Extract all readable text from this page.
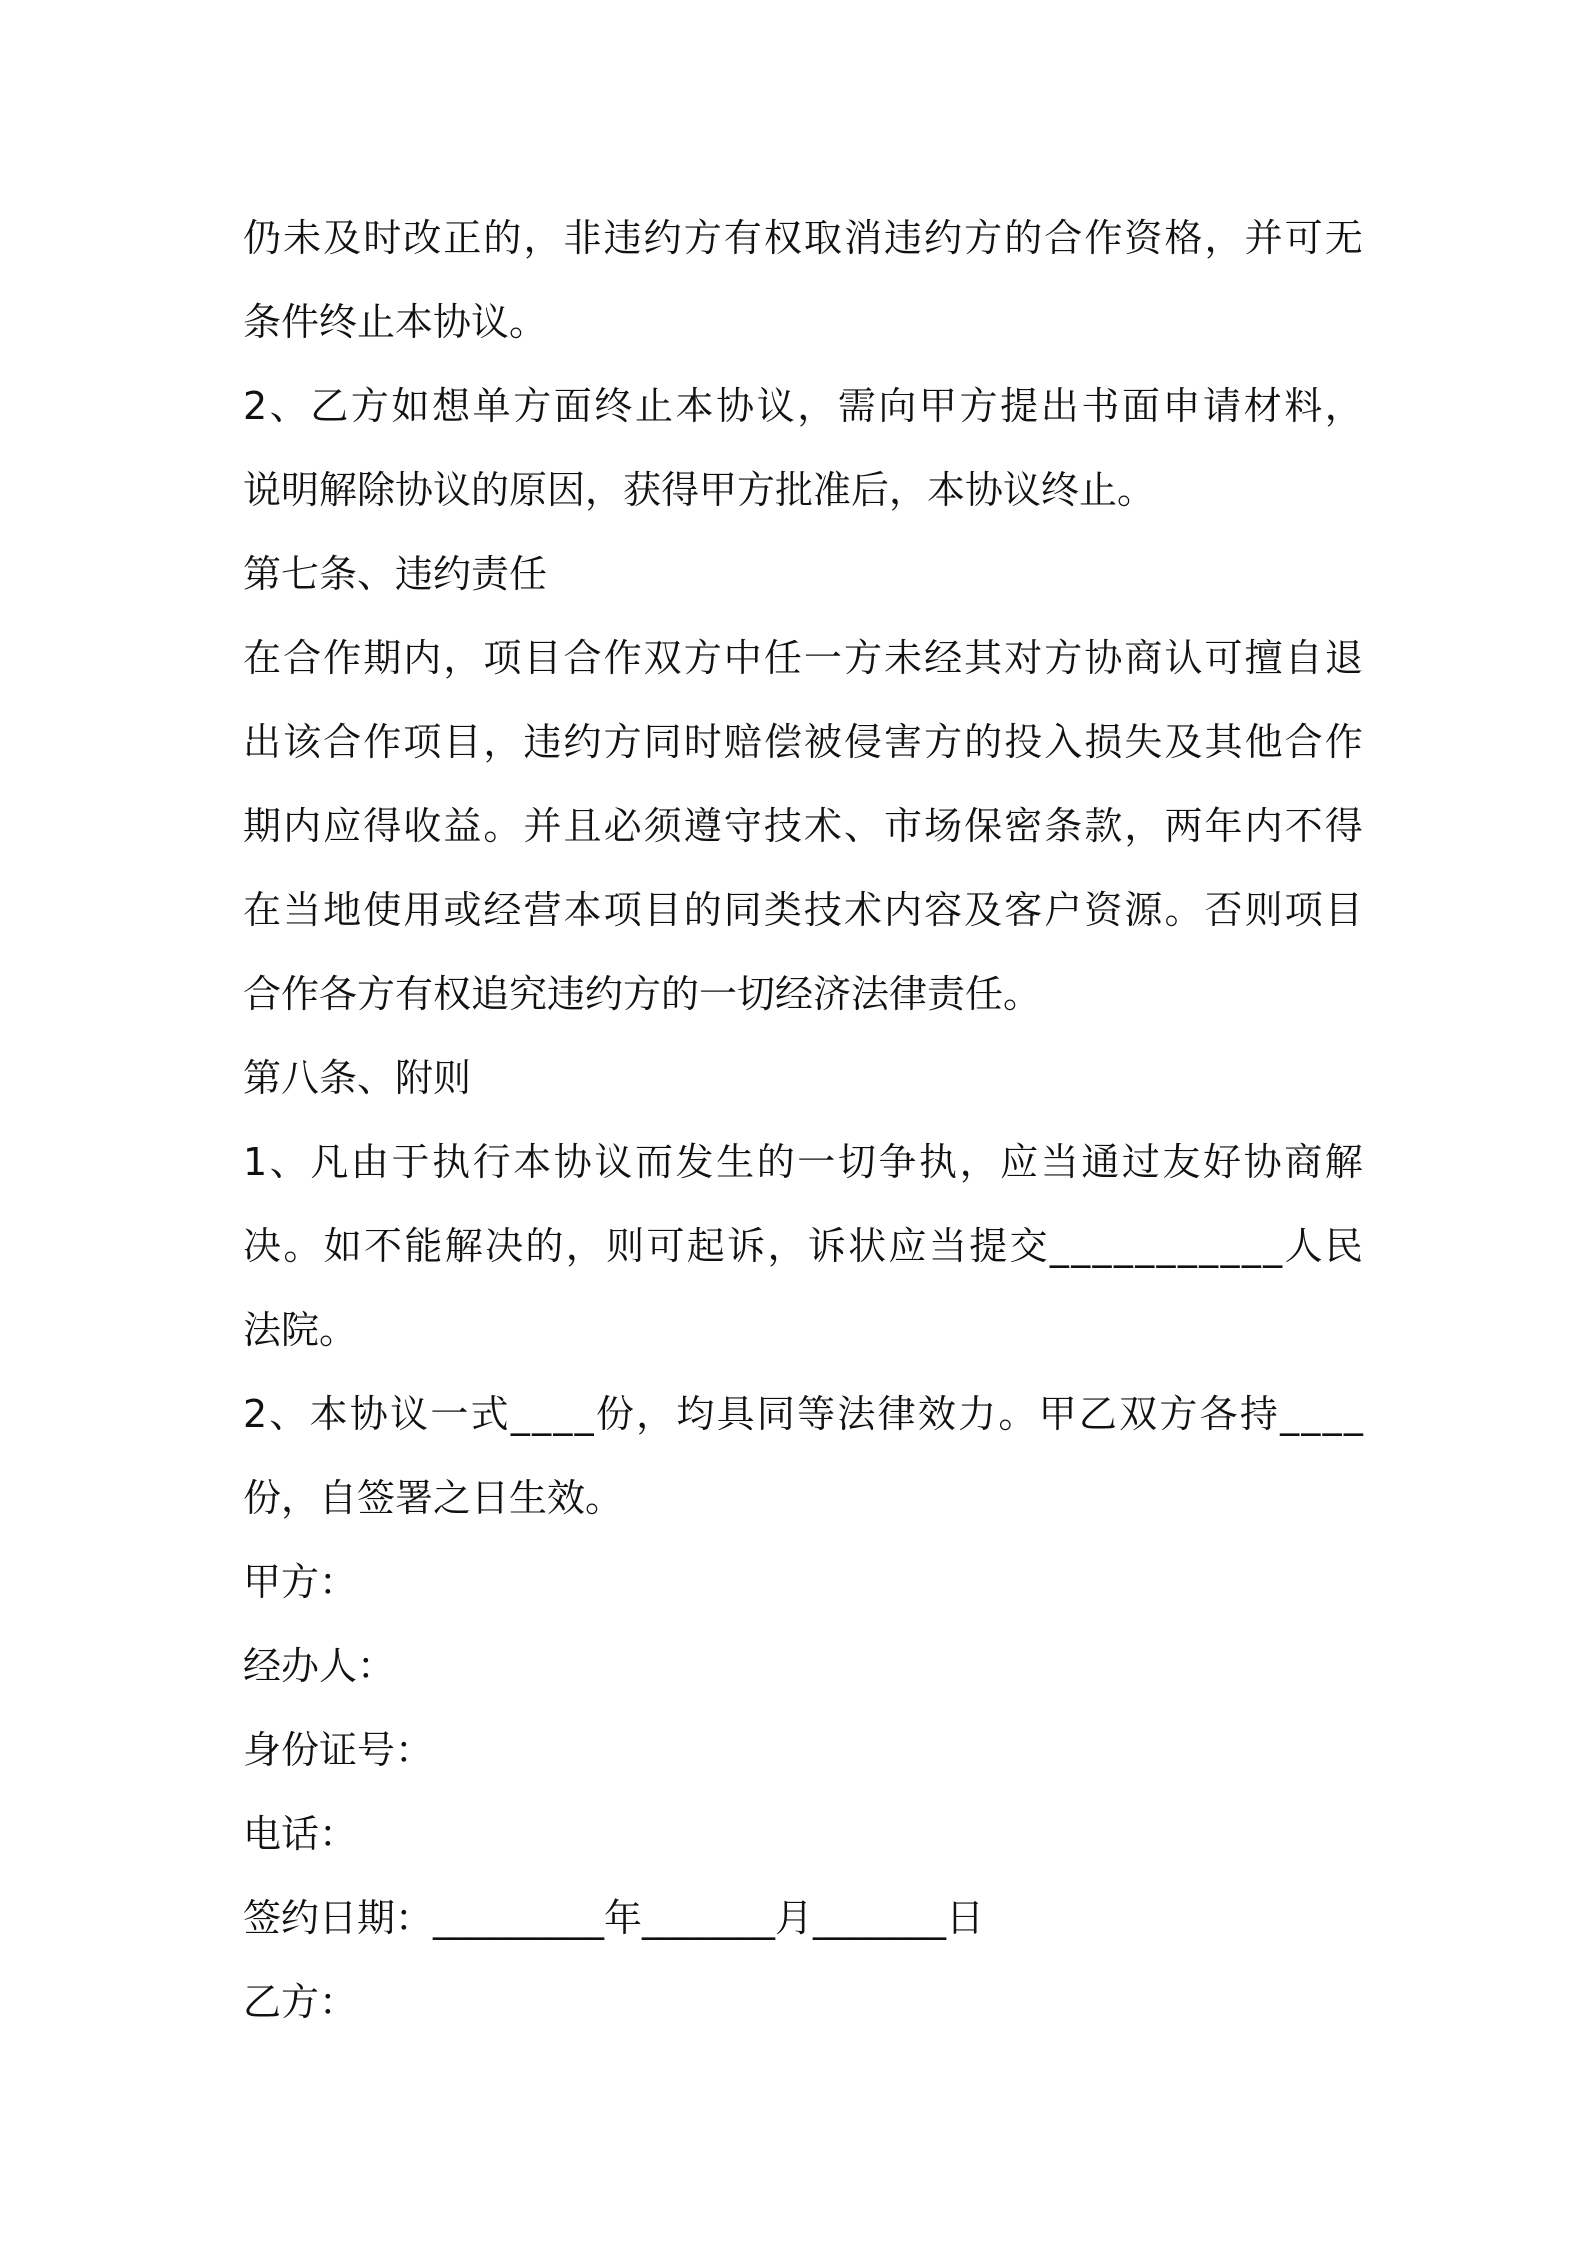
仍 未 及 时 改 正 的 ， 非 违 约 方 有 权 取 消 违 约 方 的 合 作 资 格 ， 并 可 无
条件终止本协议。
2 、 乙 方 如 想 单 方 面 终 止 本 协 议 ， 需 向 甲 方 提 出 书 面 申 请 材 料 ，
说明解除协议的原因，获得甲方批准后，本协议终止。
第七条、违约责任
在 合 作 期 内 ， 项 目 合 作 双 方 中 任 一 方 未 经 其 对 方 协 商 认 可 擅 自 退
出 该 合 作 项 目 ， 违 约 方 同 时 赔 偿 被 侵 害 方 的 投 入 损 失 及 其 他 合 作
期 内 应 得 收 益 。 并 且 必 须 遵 守 技 术 、 市 场 保 密 条 款 ， 两 年 内 不 得
在 当 地 使 用 或 经 营 本 项 目 的 同 类 技 术 内 容 及 客 户 资 源 。 否 则 项 目
合作各方有权追究违约方的一切经济法律责任。
第八条、附则
1 、 凡 由 于 执 行 本 协 议 而 发 生 的 一 切 争 执 ， 应 当 通 过 友 好 协 商 解
决 。 如 不 能 解 决 的 ， 则 可 起 诉 ， 诉 状 应 当 提 交 _ _ _ _ _ _ _ _ _ _ _ 人 民
法院。
2 、 本 协 议 一 式 _ _ _ _ 份 ， 均 具 同 等 法 律 效 力 。 甲 乙 双 方 各 持 _ _ _ _
份，自签署之日生效。
甲方：
经办人：
身份证号：
电话：
签约日期：_________年_______月_______日
乙方：
